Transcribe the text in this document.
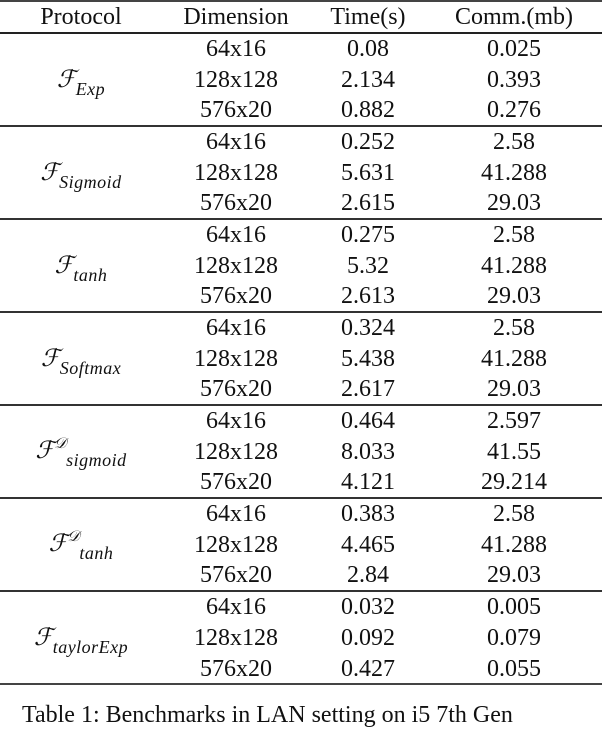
Protocol	Dimension	Time(s)	Comm.(mb)
ℱ$_{Exp}$	64x16	0.08	0.025
	128x128	2.134	0.393
	576x20	0.882	0.276
ℱ$_{Sigmoid}$	64x16	0.252	2.58
	128x128	5.631	41.288
	576x20	2.615	29.03
ℱ$_{tanh}$	64x16	0.275	2.58
	128x128	5.32	41.288
	576x20	2.613	29.03
ℱ$_{Softmax}$	64x16	0.324	2.58
	128x128	5.438	41.288
	576x20	2.617	29.03
ℱ$^𝒟_{sigmoid}$	64x16	0.464	2.597
	128x128	8.033	41.55
	576x20	4.121	29.214
ℱ$^𝒟_{tanh}$	64x16	0.383	2.58
	128x128	4.465	41.288
	576x20	2.84	29.03
ℱ$_{taylorExp}$	64x16	0.032	0.005
	128x128	0.092	0.079
	576x20	0.427	0.055
Table 1: Benchmarks in LAN setting on i5 7th Gen
